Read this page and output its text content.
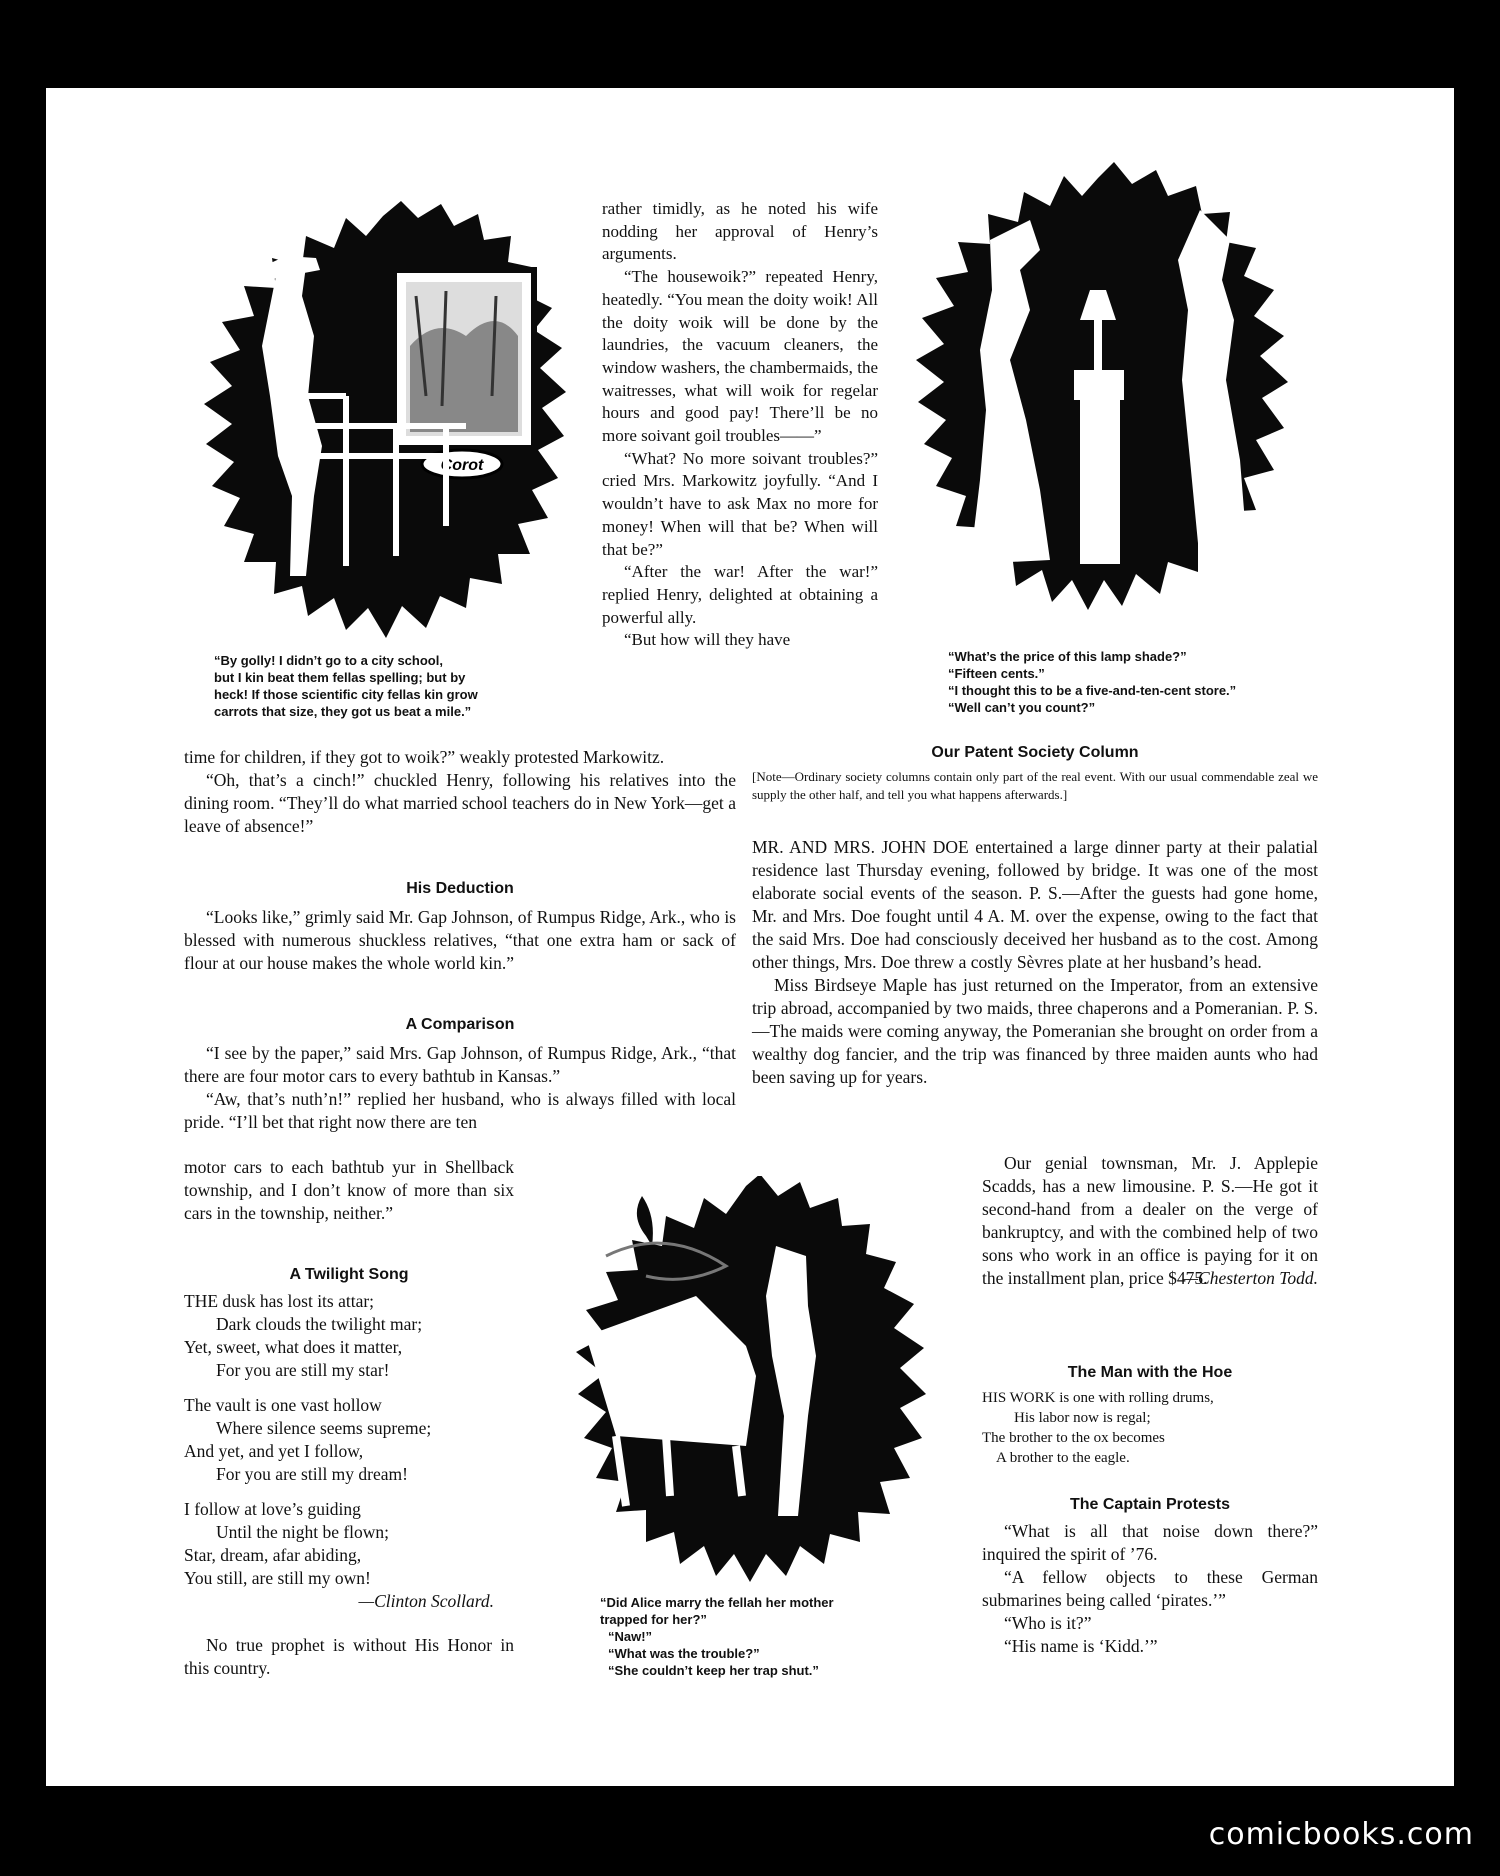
Corot
“By golly! I didn’t go to a city school,
but I kin beat them fellas spelling; but by
heck! If those scientific city fellas kin grow
carrots that size, they got us beat a mile.”

rather timidly, as he noted his wife nodding her approval of Henry’s arguments.

“The housewoik?” repeated Henry, heatedly. “You mean the doity woik! All the doity woik will be done by the laundries, the vacuum cleaners, the window washers, the chambermaids, the waitresses, what will woik for regelar hours and good pay! There’ll be no more soivant goil troubles——”

“What? No more soivant troubles?” cried Mrs. Markowitz joyfully. “And I wouldn’t have to ask Max no more for money! When will that be? When will that be?”

“After the war! After the war!” replied Henry, delighted at obtaining a powerful ally.

“But how will they have

time for children, if they got to woik?” weakly protested Markowitz.

“Oh, that’s a cinch!” chuckled Henry, following his relatives into the dining room. “They’ll do what married school teachers do in New York—get a leave of absence!”

His Deduction

“Looks like,” grimly said Mr. Gap Johnson, of Rumpus Ridge, Ark., who is blessed with numerous shuckless relatives, “that one extra ham or sack of flour at our house makes the whole world kin.”

A Comparison

“I see by the paper,” said Mrs. Gap Johnson, of Rumpus Ridge, Ark., “that there are four motor cars to every bathtub in Kansas.”

“Aw, that’s nuth’n!” replied her husband, who is always filled with local pride. “I’ll bet that right now there are ten

motor cars to each bathtub yur in Shellback township, and I don’t know of more than six cars in the township, neither.”

A Twilight Song
THE dusk has lost its attar;
Dark clouds the twilight mar;
Yet, sweet, what does it matter,
For you are still my star!
The vault is one vast hollow
Where silence seems supreme;
And yet, and yet I follow,
For you are still my dream!
I follow at love’s guiding
Until the night be flown;
Star, dream, afar abiding,
You still, are still my own!
—Clinton Scollard.

No true prophet is without His Honor in this country.

“What’s the price of this lamp shade?”
“Fifteen cents.”
“I thought this to be a five-and-ten-cent store.”
“Well can’t you count?”
Our Patent Society Column

[Note—Ordinary society columns contain only part of the real event. With our usual commendable zeal we supply the other half, and tell you what happens afterwards.]

MR. AND MRS. JOHN DOE entertained a large dinner party at their palatial residence last Thursday evening, followed by bridge. It was one of the most elaborate social events of the season. P. S.—After the guests had gone home, Mr. and Mrs. Doe fought until 4 A. M. over the expense, owing to the fact that the said Mrs. Doe had consciously deceived her husband as to the cost. Among other things, Mrs. Doe threw a costly Sèvres plate at her husband’s head.

Miss Birdseye Maple has just returned on the Imperator, from an extensive trip abroad, accompanied by two maids, three chaperons and a Pomeranian. P. S.—The maids were coming anyway, the Pomeranian she brought on order from a wealthy dog fancier, and the trip was financed by three maiden aunts who had been saving up for years.

Our genial townsman, Mr. J. Applepie Scadds, has a new limousine. P. S.—He got it second-hand from a dealer on the verge of bankruptcy, and with the combined help of two sons who work in an office is paying for it on the installment plan, price $475.

—Chesterton Todd.
The Man with the Hoe
HIS WORK is one with rolling drums,
His labor now is regal;
The brother to the ox becomes
A brother to the eagle.
The Captain Protests

“What is all that noise down there?” inquired the spirit of ’76.

“A fellow objects to these German submarines being called ‘pirates.’”

“Who is it?”

“His name is ‘Kidd.’”

“Did Alice marry the fellah her mother
trapped for her?”
“Naw!”
“What was the trouble?”
“She couldn’t keep her trap shut.”
comicbooks.com
